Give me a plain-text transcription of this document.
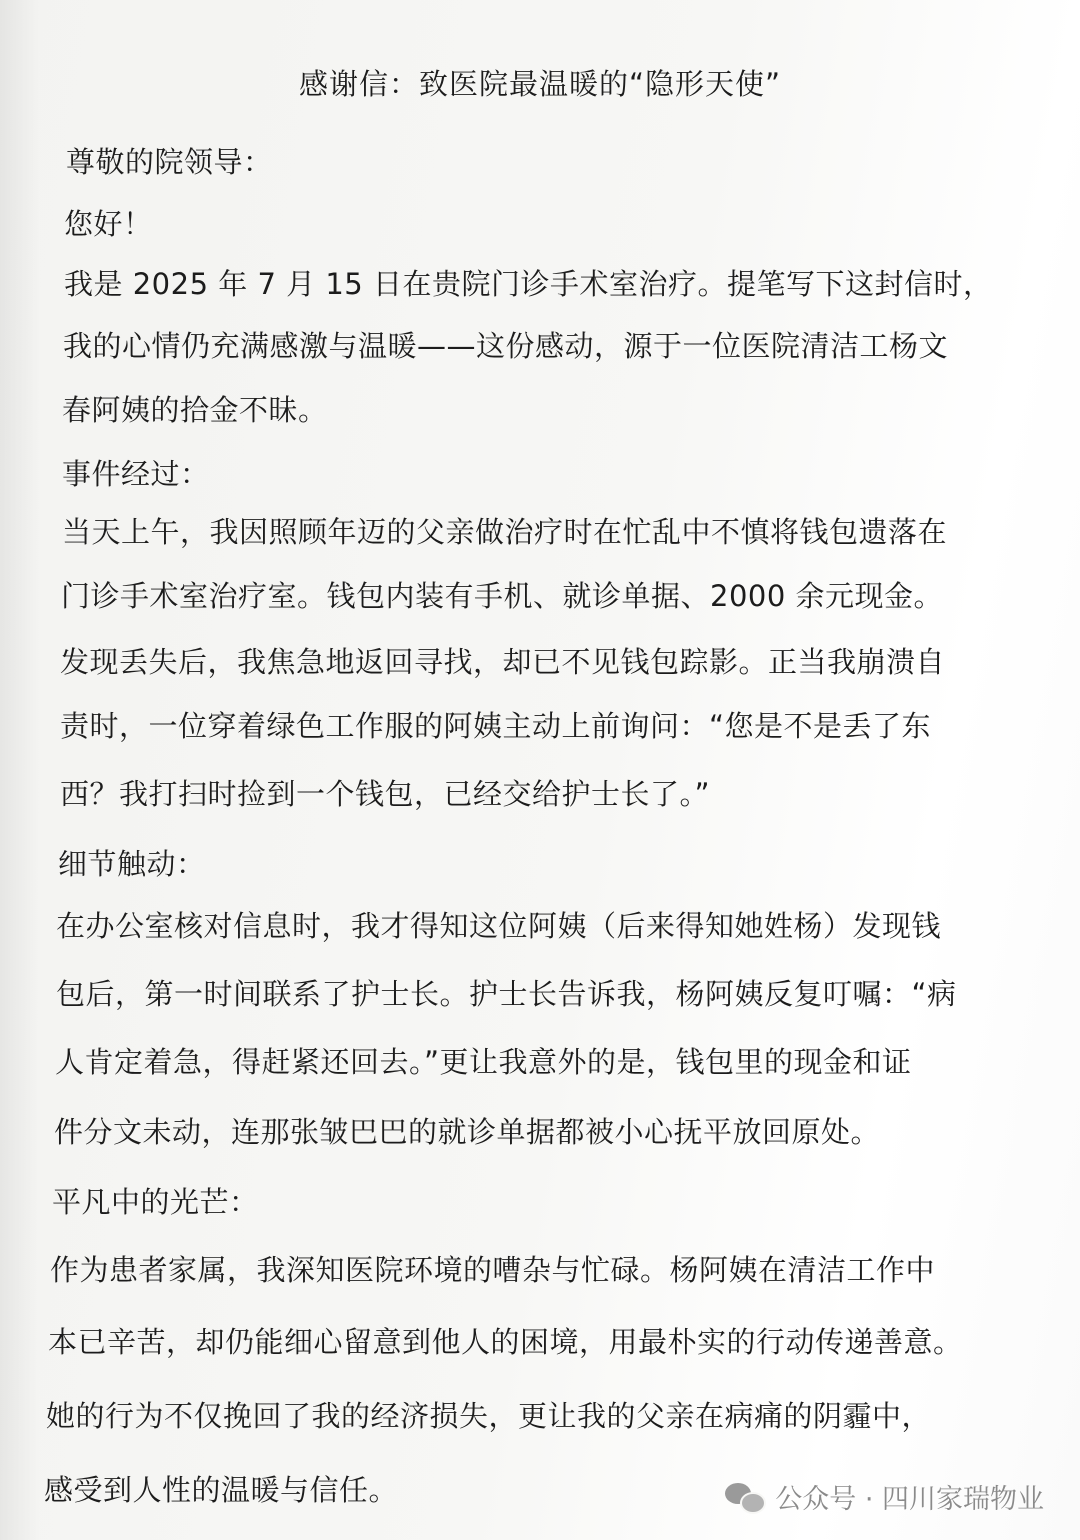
感谢信：致医院最温暖的“隐形天使”
尊敬的院领导：
您好！
我是 2025 年 7 月 15 日在贵院门诊手术室治疗。提笔写下这封信时，
我的心情仍充满感激与温暖——这份感动，源于一位医院清洁工杨文
春阿姨的拾金不昧。
事件经过：
当天上午，我因照顾年迈的父亲做治疗时在忙乱中不慎将钱包遗落在
门诊手术室治疗室。钱包内装有手机、就诊单据、2000 余元现金。
发现丢失后，我焦急地返回寻找，却已不见钱包踪影。正当我崩溃自
责时，一位穿着绿色工作服的阿姨主动上前询问：“您是不是丢了东
西？我打扫时捡到一个钱包，已经交给护士长了。”
细节触动：
在办公室核对信息时，我才得知这位阿姨（后来得知她姓杨）发现钱
包后，第一时间联系了护士长。护士长告诉我，杨阿姨反复叮嘱：“病
人肯定着急，得赶紧还回去。”更让我意外的是，钱包里的现金和证
件分文未动，连那张皱巴巴的就诊单据都被小心抚平放回原处。
平凡中的光芒：
作为患者家属，我深知医院环境的嘈杂与忙碌。杨阿姨在清洁工作中
本已辛苦，却仍能细心留意到他人的困境，用最朴实的行动传递善意。
她的行为不仅挽回了我的经济损失，更让我的父亲在病痛的阴霾中，
感受到人性的温暖与信任。	公众号 · 四川家瑞物业
